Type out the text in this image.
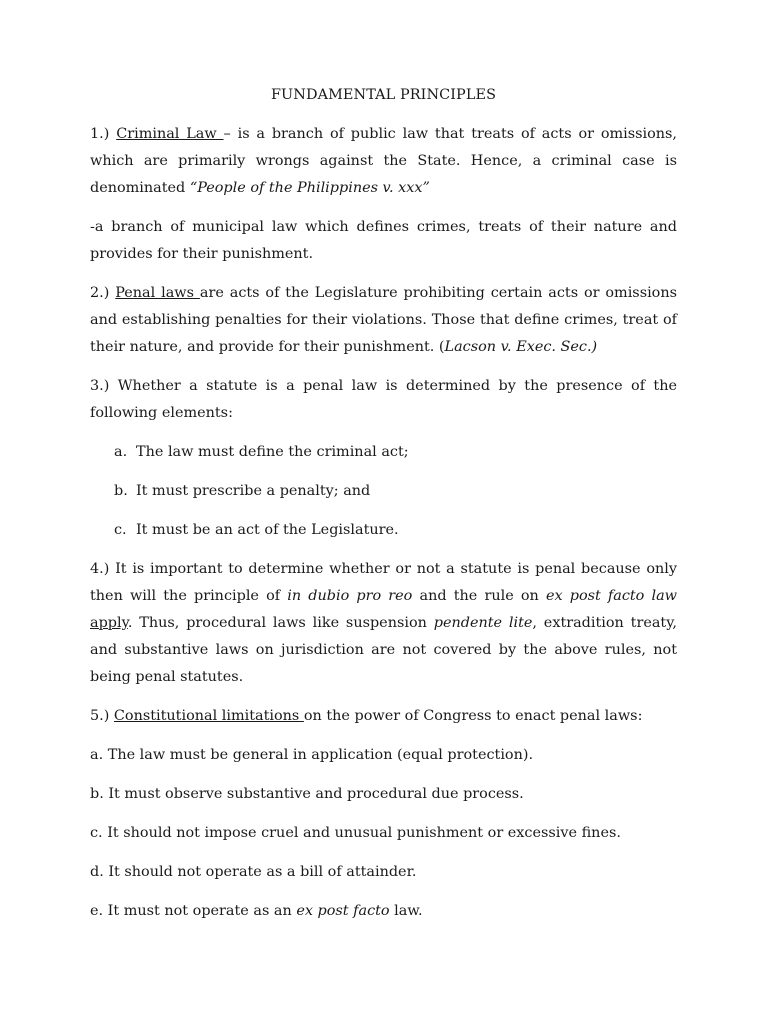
FUNDAMENTAL PRINCIPLES

1.) Criminal Law – is a branch of public law that treats of acts or omissions, which are primarily wrongs against the State. Hence, a criminal case is denominated “People of the Philippines v. xxx”

-a branch of municipal law which defines crimes, treats of their nature and provides for their punishment.

2.) Penal laws are acts of the Legislature prohibiting certain acts or omissions and establishing penalties for their violations. Those that define crimes, treat of their nature, and provide for their punishment. (Lacson v. Exec. Sec.)

3.) Whether a statute is a penal law is determined by the presence of the following elements:

a. The law must define the criminal act;
b. It must prescribe a penalty; and
c. It must be an act of the Legislature.

4.) It is important to determine whether or not a statute is penal because only then will the principle of in dubio pro reo and the rule on ex post facto law apply. Thus, procedural laws like suspension pendente lite, extradition treaty, and substantive laws on jurisdiction are not covered by the above rules, not being penal statutes.

5.) Constitutional limitations on the power of Congress to enact penal laws:

a. The law must be general in application (equal protection).

b. It must observe substantive and procedural due process.

c. It should not impose cruel and unusual punishment or excessive fines.

d. It should not operate as a bill of attainder.

e. It must not operate as an ex post facto law.
